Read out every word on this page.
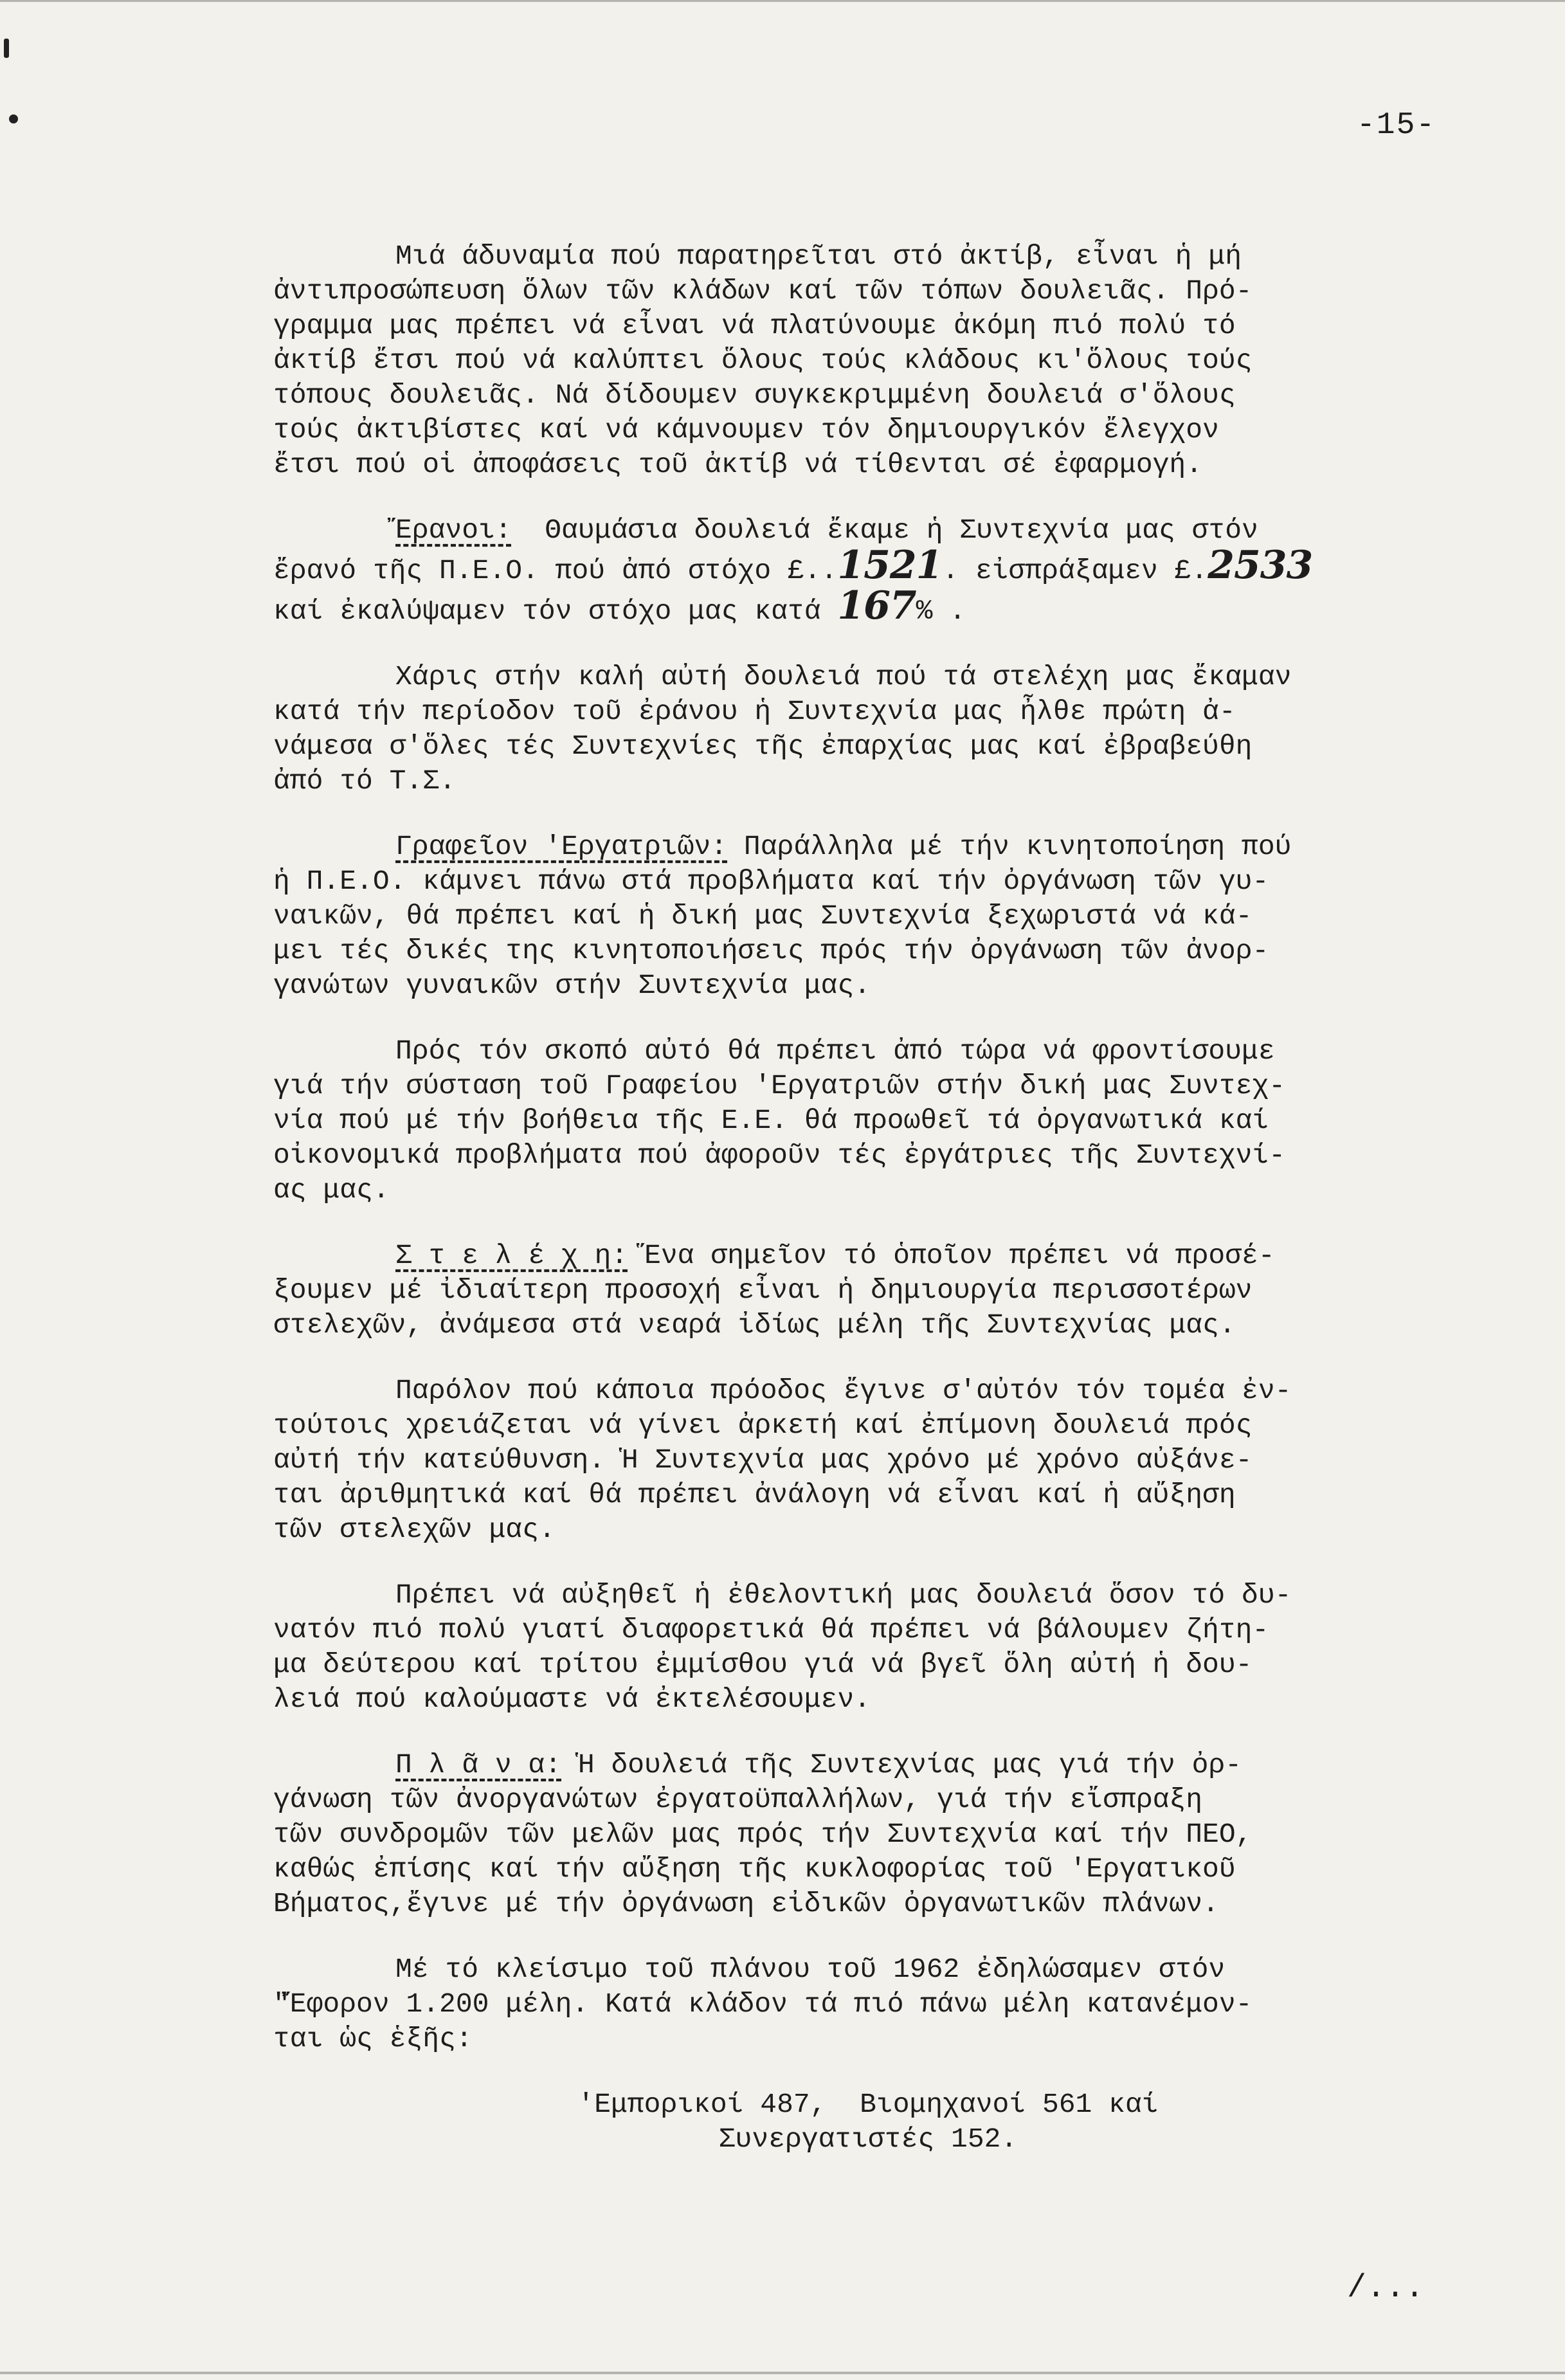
-15-

Μιά άδυναμία πού παρατηρεῖται στό ἀκτίβ, εἶναι ἡ μή

ἀντιπροσώπευση ὅλων τῶν κλάδων καί τῶν τόπων δουλειᾶς. Πρό-

γραμμα μας πρέπει νά εἶναι νά πλατύνουμε ἀκόμη πιό πολύ τό

ἀκτίβ ἔτσι πού νά καλύπτει ὅλους τούς κλάδους κι'ὅλους τούς

τόπους δουλειᾶς. Νά δίδουμεν συγκεκριμμένη δουλειά σ'ὅλους

τούς ἀκτιβίστες καί νά κάμνουμεν τόν δημιουργικόν ἔλεγχον

ἔτσι πού οἱ ἀποφάσεις τοῦ ἀκτίβ νά τίθενται σέ ἐφαρμογή.

Ἔρανοι: Θαυμάσια δουλειά ἔκαμε ἡ Συντεχνία μας στόν

ἔρανό τῆς Π.Ε.Ο. πού ἀπό στόχο £..1521. εἰσπράξαμεν £.2533

καί ἐκαλύψαμεν τόν στόχο μας κατά 167% .

Χάρις στήν καλή αὐτή δουλειά πού τά στελέχη μας ἔκαμαν

κατά τήν περίοδον τοῦ ἐράνου ἡ Συντεχνία μας ἦλθε πρώτη ἀ-

νάμεσα σ'ὅλες τές Συντεχνίες τῆς ἐπαρχίας μας καί ἐβραβεύθη

ἀπό τό Τ.Σ.

Γραφεῖον 'Εργατριῶν: Παράλληλα μέ τήν κινητοποίηση πού

ἡ Π.Ε.Ο. κάμνει πάνω στά προβλήματα καί τήν ὀργάνωση τῶν γυ-

ναικῶν, θά πρέπει καί ἡ δική μας Συντεχνία ξεχωριστά νά κά-

μει τές δικές της κινητοποιήσεις πρός τήν ὀργάνωση τῶν ἀνορ-

γανώτων γυναικῶν στήν Συντεχνία μας.

Πρός τόν σκοπό αὐτό θά πρέπει ἀπό τώρα νά φροντίσουμε

γιά τήν σύσταση τοῦ Γραφείου 'Εργατριῶν στήν δική μας Συντεχ-

νία πού μέ τήν βοήθεια τῆς Ε.Ε. θά προωθεῖ τά ὀργανωτικά καί

οἰκονομικά προβλήματα πού ἀφοροῦν τές ἐργάτριες τῆς Συντεχνί-

ας μας.

Σ τ ε λ έ χ η: Ἕνα σημεῖον τό ὁποῖον πρέπει νά προσέ-

ξουμεν μέ ἰδιαίτερη προσοχή εἶναι ἡ δημιουργία περισσοτέρων

στελεχῶν, ἀνάμεσα στά νεαρά ἰδίως μέλη τῆς Συντεχνίας μας.

Παρόλον πού κάποια πρόοδος ἔγινε σ'αὐτόν τόν τομέα ἐν-

τούτοις χρειάζεται νά γίνει ἀρκετή καί ἐπίμονη δουλειά πρός

αὐτή τήν κατεύθυνση. Ἡ Συντεχνία μας χρόνο μέ χρόνο αὐξάνε-

ται ἀριθμητικά καί θά πρέπει ἀνάλογη νά εἶναι καί ἡ αὔξηση

τῶν στελεχῶν μας.

Πρέπει νά αὐξηθεῖ ἡ ἐθελοντική μας δουλειά ὅσον τό δυ-

νατόν πιό πολύ γιατί διαφορετικά θά πρέπει νά βάλουμεν ζήτη-

μα δεύτερου καί τρίτου ἐμμίσθου γιά νά βγεῖ ὅλη αὐτή ἡ δου-

λειά πού καλούμαστε νά ἐκτελέσουμεν.

Π λ ᾶ ν α: Ἡ δουλειά τῆς Συντεχνίας μας γιά τήν ὀρ-

γάνωση τῶν ἀνοργανώτων ἐργατοϋπαλλήλων, γιά τήν εἴσπραξη

τῶν συνδρομῶν τῶν μελῶν μας πρός τήν Συντεχνία καί τήν ΠΕΟ,

καθώς ἐπίσης καί τήν αὔξηση τῆς κυκλοφορίας τοῦ 'Εργατικοῦ

Βήματος,ἔγινε μέ τήν ὀργάνωση εἰδικῶν ὀργανωτικῶν πλάνων.

Μέ τό κλείσιμο τοῦ πλάνου τοῦ 1962 ἐδηλώσαμεν στόν

"Ἔφορον 1.200 μέλη. Κατά κλάδον τά πιό πάνω μέλη κατανέμον-

ται ὡς ἑξῆς:

'Εμπορικοί 487,  Βιομηχανοί 561 καί

Συνεργατιστές 152.

/...
